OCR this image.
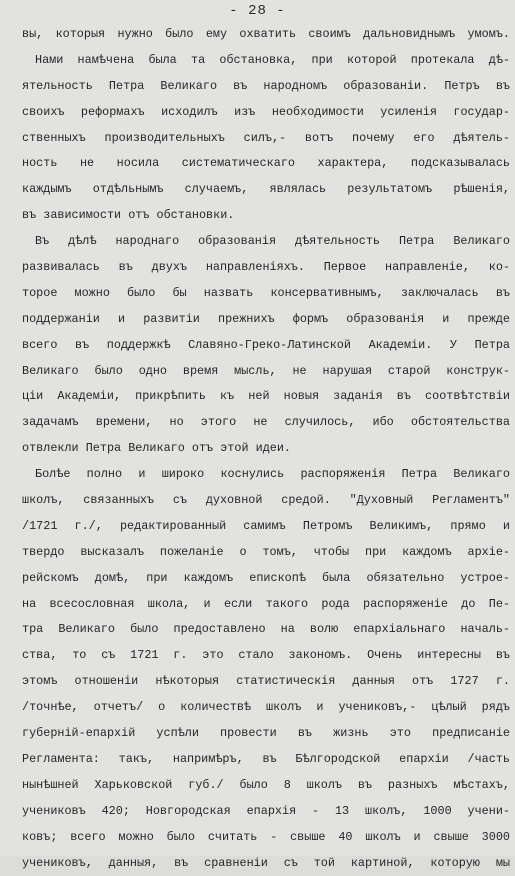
- 28 -
вы, которыя нужно было ему охватить своимъ дальновиднымъ умомъ.
Нами намѣчена была та обстановка, при которой протекала дѣ-
ятельность Петра Великаго въ народномъ образованіи. Петръ въ
своихъ реформахъ исходилъ изъ необходимости усиленія государ-
ственныхъ производительныхъ силъ,- вотъ почему его дѣятель-
ность не носила систематическаго характера, подсказывалась
каждымъ отдѣльнымъ случаемъ, являлась результатомъ рѣшенія,
въ зависимости отъ обстановки.
Въ дѣлѣ народнаго образованія дѣятельность Петра Великаго
развивалась въ двухъ направленіяхъ. Первое направленіе, ко-
торое можно было бы назвать консервативнымъ, заключалась въ
поддержаніи и развитіи прежнихъ формъ образованія и прежде
всего въ поддержкѣ Славяно-Греко-Латинской Академіи. У Петра
Великаго было одно время мысль, не нарушая старой конструк-
ціи Академіи, прикрѣпить къ ней новыя заданія въ соотвѣтствіи
задачамъ времени, но этого не случилось, ибо обстоятельства
отвлекли Петра Великаго отъ этой идеи.
Болѣе полно и широко коснулись распоряженія Петра Великаго
школъ, связанныхъ съ духовной средой. "Духовный Регламентъ"
/1721 г./, редактированный самимъ Петромъ Великимъ, прямо и
твердо высказалъ пожеланіе о томъ, чтобы при каждомъ архіе-
рейскомъ домѣ, при каждомъ епископѣ была обязательно устрое-
на всесословная школа, и если такого рода распоряженіе до Пе-
тра Великаго было предоставлено на волю епархіальнаго началь-
ства, то съ 1721 г. это стало закономъ. Очень интересны въ
этомъ отношеніи нѣкоторыя статистическія данныя отъ 1727 г.
/точнѣе, отчетъ/ о количествѣ школъ и учениковъ,- цѣлый рядъ
губерній-епархій успѣли провести въ жизнь это предписаніе
Регламента: такъ, напримѣръ, въ Бѣлгородской епархіи /часть
нынѣшней Харьковской губ./ было 8 школъ въ разныхъ мѣстахъ,
учениковъ 420; Новгородская епархія - 13 школъ, 1000 учени-
ковъ; всего можно было считать - свыше 40 школъ и свыше 3000
учениковъ, данныя, въ сравненіи съ той картиной, которую мы
